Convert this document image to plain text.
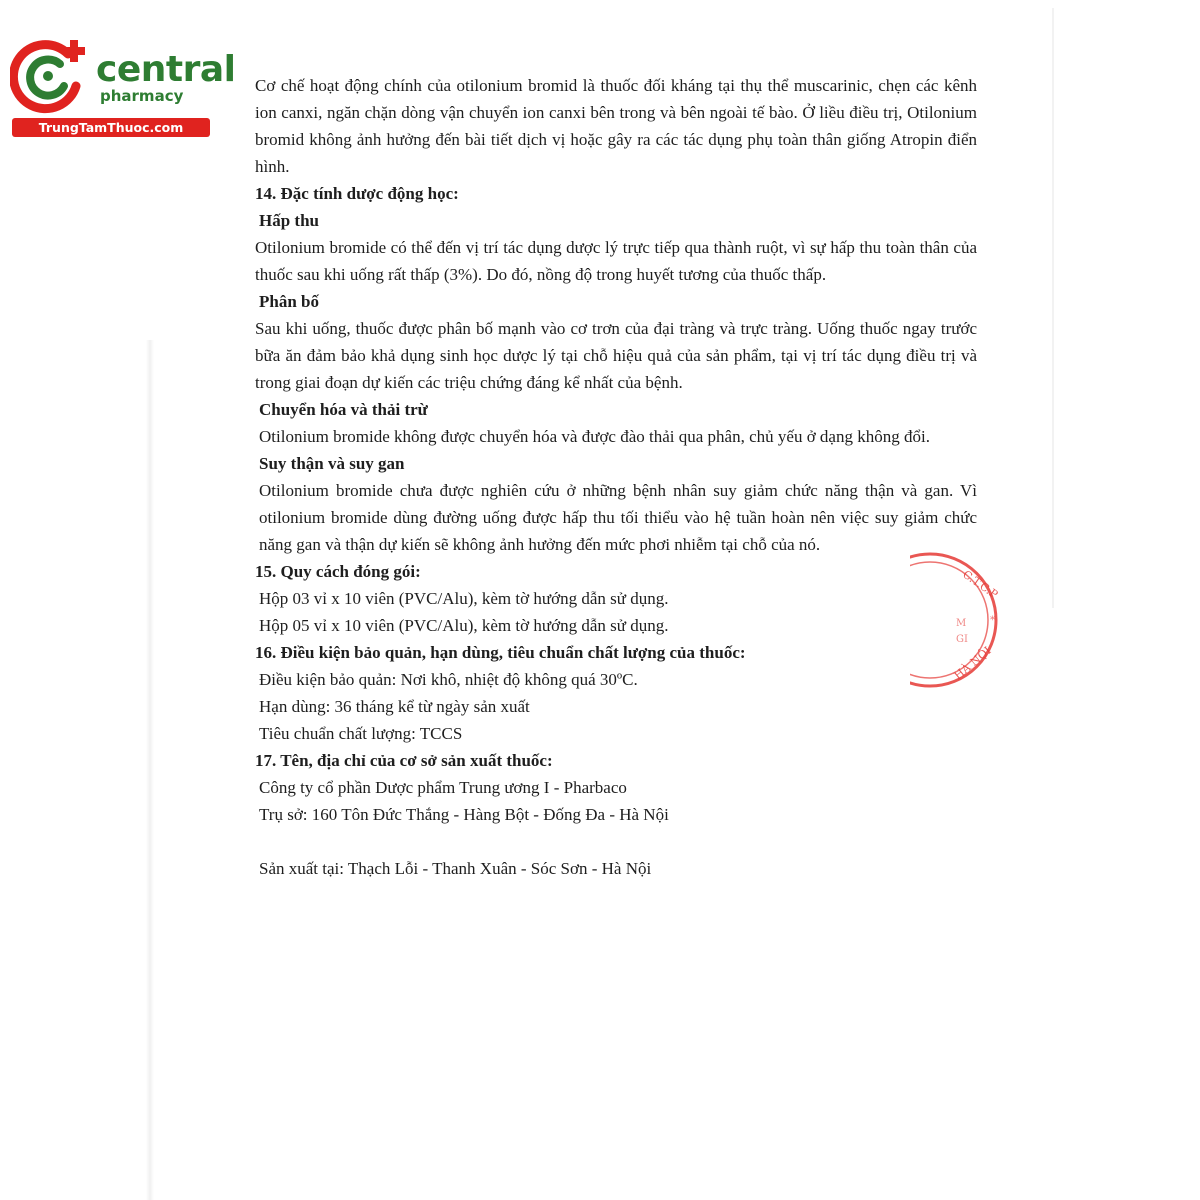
central
pharmacy
TrungTamThuoc.com

Cơ chế hoạt động chính của otilonium bromid là thuốc đối kháng tại thụ thể muscarinic, chẹn các kênh ion canxi, ngăn chặn dòng vận chuyển ion canxi bên trong và bên ngoài tế bào. Ở liều điều trị, Otilonium bromid không ảnh hưởng đến bài tiết dịch vị hoặc gây ra các tác dụng phụ toàn thân giống Atropin điển hình.

14. Đặc tính dược động học:

Hấp thu

Otilonium bromide có thể đến vị trí tác dụng dược lý trực tiếp qua thành ruột, vì sự hấp thu toàn thân của thuốc sau khi uống rất thấp (3%). Do đó, nồng độ trong huyết tương của thuốc thấp.

Phân bố

Sau khi uống, thuốc được phân bố mạnh vào cơ trơn của đại tràng và trực tràng. Uống thuốc ngay trước bữa ăn đảm bảo khả dụng sinh học dược lý tại chỗ hiệu quả của sản phẩm, tại vị trí tác dụng điều trị và trong giai đoạn dự kiến các triệu chứng đáng kể nhất của bệnh.

Chuyển hóa và thải trừ

Otilonium bromide không được chuyển hóa và được đào thải qua phân, chủ yếu ở dạng không đổi.

Suy thận và suy gan

Otilonium bromide chưa được nghiên cứu ở những bệnh nhân suy giảm chức năng thận và gan. Vì otilonium bromide dùng đường uống được hấp thu tối thiểu vào hệ tuần hoàn nên việc suy giảm chức năng gan và thận dự kiến sẽ không ảnh hưởng đến mức phơi nhiễm tại chỗ của nó.

15. Quy cách đóng gói:

Hộp 03 vỉ x 10 viên (PVC/Alu), kèm tờ hướng dẫn sử dụng.

Hộp 05 vỉ x 10 viên (PVC/Alu), kèm tờ hướng dẫn sử dụng.

16. Điều kiện bảo quản, hạn dùng, tiêu chuẩn chất lượng của thuốc:

Điều kiện bảo quản: Nơi khô, nhiệt độ không quá 30ºC.

Hạn dùng: 36 tháng kể từ ngày sản xuất

Tiêu chuẩn chất lượng: TCCS

17. Tên, địa chỉ của cơ sở sản xuất thuốc:

Công ty cổ phần Dược phẩm Trung ương I - Pharbaco

Trụ sở: 160 Tôn Đức Thắng - Hàng Bột - Đống Đa - Hà Nội

Sản xuất tại: Thạch Lỗi - Thanh Xuân - Sóc Sơn - Hà Nội

C.T.C.P
HÀ NỘI
M
GI
*
